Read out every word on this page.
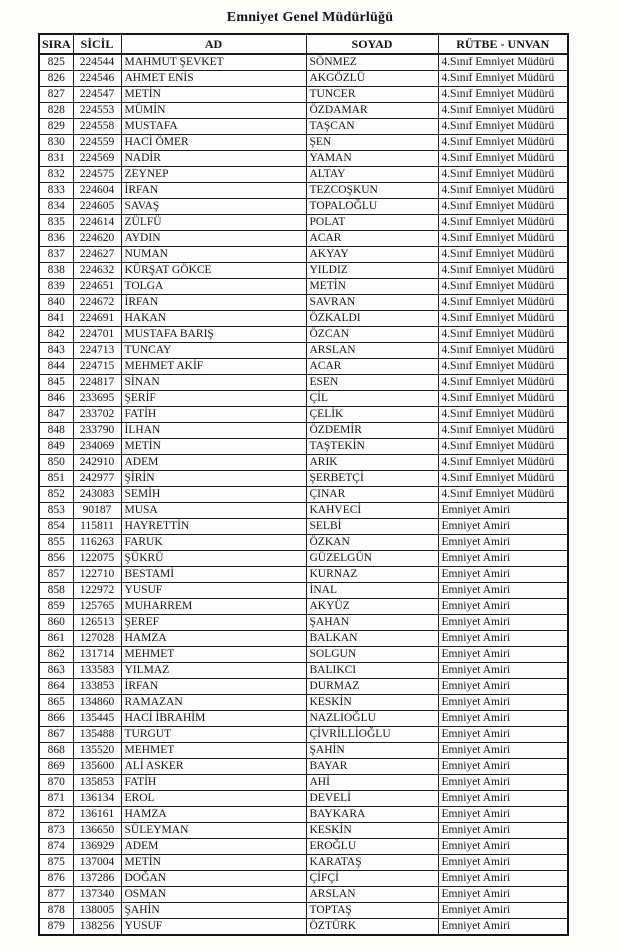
Emniyet Genel Müdürlüğü
SIRA	SİCİL	AD	SOYAD	RÜTBE - UNVAN
825	224544	MAHMUT ŞEVKET	SÖNMEZ	4.Sınıf Emniyet Müdürü
826	224546	AHMET ENİS	AKGÖZLÜ	4.Sınıf Emniyet Müdürü
827	224547	METİN	TUNCER	4.Sınıf Emniyet Müdürü
828	224553	MÜMİN	ÖZDAMAR	4.Sınıf Emniyet Müdürü
829	224558	MUSTAFA	TAŞCAN	4.Sınıf Emniyet Müdürü
830	224559	HACİ ÖMER	ŞEN	4.Sınıf Emniyet Müdürü
831	224569	NADİR	YAMAN	4.Sınıf Emniyet Müdürü
832	224575	ZEYNEP	ALTAY	4.Sınıf Emniyet Müdürü
833	224604	İRFAN	TEZCOŞKUN	4.Sınıf Emniyet Müdürü
834	224605	SAVAŞ	TOPALOĞLU	4.Sınıf Emniyet Müdürü
835	224614	ZÜLFÜ	POLAT	4.Sınıf Emniyet Müdürü
836	224620	AYDIN	ACAR	4.Sınıf Emniyet Müdürü
837	224627	NUMAN	AKYAY	4.Sınıf Emniyet Müdürü
838	224632	KÜRŞAT GÖKCE	YILDIZ	4.Sınıf Emniyet Müdürü
839	224651	TOLGA	METİN	4.Sınıf Emniyet Müdürü
840	224672	İRFAN	SAVRAN	4.Sınıf Emniyet Müdürü
841	224691	HAKAN	ÖZKALDI	4.Sınıf Emniyet Müdürü
842	224701	MUSTAFA BARIŞ	ÖZCAN	4.Sınıf Emniyet Müdürü
843	224713	TUNCAY	ARSLAN	4.Sınıf Emniyet Müdürü
844	224715	MEHMET AKİF	ACAR	4.Sınıf Emniyet Müdürü
845	224817	SİNAN	ESEN	4.Sınıf Emniyet Müdürü
846	233695	ŞERİF	ÇİL	4.Sınıf Emniyet Müdürü
847	233702	FATİH	ÇELİK	4.Sınıf Emniyet Müdürü
848	233790	İLHAN	ÖZDEMİR	4.Sınıf Emniyet Müdürü
849	234069	METİN	TAŞTEKİN	4.Sınıf Emniyet Müdürü
850	242910	ADEM	ARIK	4.Sınıf Emniyet Müdürü
851	242977	ŞİRİN	ŞERBETÇİ	4.Sınıf Emniyet Müdürü
852	243083	SEMİH	ÇINAR	4.Sınıf Emniyet Müdürü
853	90187	MUSA	KAHVECİ	Emniyet Amiri
854	115811	HAYRETTİN	SELBİ	Emniyet Amiri
855	116263	FARUK	ÖZKAN	Emniyet Amiri
856	122075	ŞÜKRÜ	GÜZELGÜN	Emniyet Amiri
857	122710	BESTAMİ	KURNAZ	Emniyet Amiri
858	122972	YUSUF	İNAL	Emniyet Amiri
859	125765	MUHARREM	AKYÜZ	Emniyet Amiri
860	126513	ŞEREF	ŞAHAN	Emniyet Amiri
861	127028	HAMZA	BALKAN	Emniyet Amiri
862	131714	MEHMET	SOLGUN	Emniyet Amiri
863	133583	YILMAZ	BALIKCI	Emniyet Amiri
864	133853	İRFAN	DURMAZ	Emniyet Amiri
865	134860	RAMAZAN	KESKİN	Emniyet Amiri
866	135445	HACİ İBRAHİM	NAZLIOĞLU	Emniyet Amiri
867	135488	TURGUT	ÇİVRİLLİOĞLU	Emniyet Amiri
868	135520	MEHMET	ŞAHİN	Emniyet Amiri
869	135600	ALİ ASKER	BAYAR	Emniyet Amiri
870	135853	FATİH	AHİ	Emniyet Amiri
871	136134	EROL	DEVELİ	Emniyet Amiri
872	136161	HAMZA	BAYKARA	Emniyet Amiri
873	136650	SÜLEYMAN	KESKİN	Emniyet Amiri
874	136929	ADEM	EROĞLU	Emniyet Amiri
875	137004	METİN	KARATAŞ	Emniyet Amiri
876	137286	DOĞAN	ÇİFÇİ	Emniyet Amiri
877	137340	OSMAN	ARSLAN	Emniyet Amiri
878	138005	ŞAHİN	TOPTAŞ	Emniyet Amiri
879	138256	YUSUF	ÖZTÜRK	Emniyet Amiri
